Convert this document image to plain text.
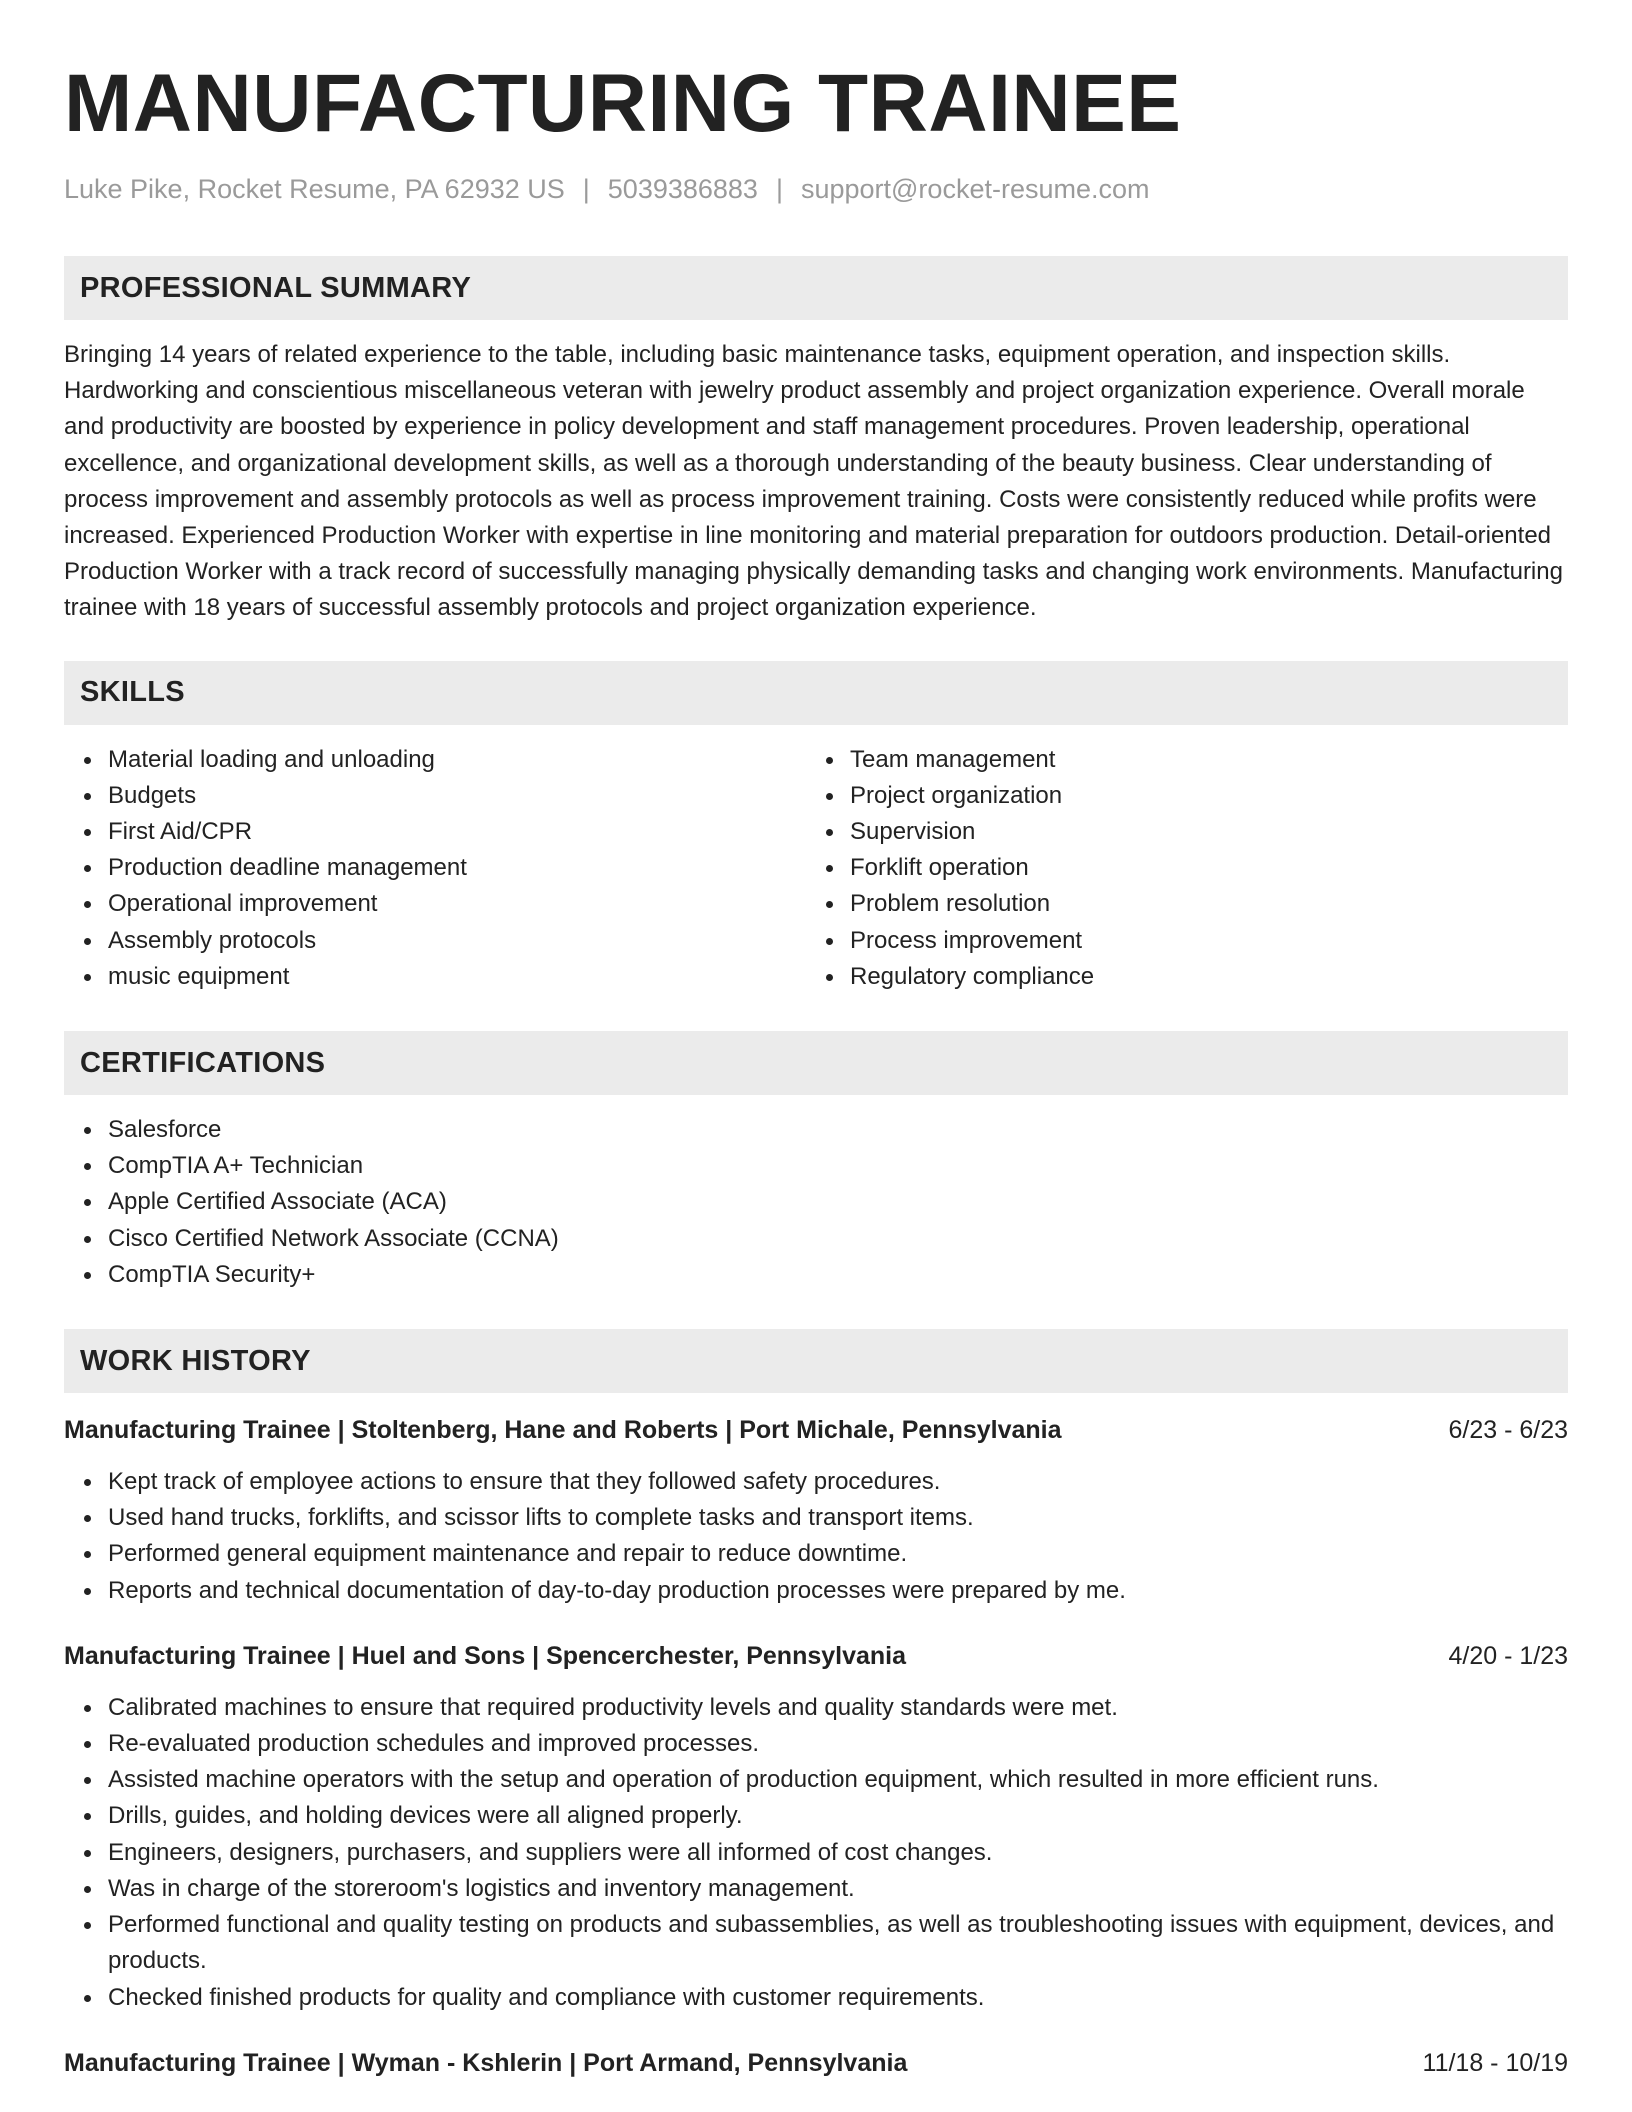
MANUFACTURING TRAINEE
Luke Pike, Rocket Resume, PA 62932 US | 5039386883 | support@rocket-resume.com
PROFESSIONAL SUMMARY
Bringing 14 years of related experience to the table, including basic maintenance tasks, equipment operation, and inspection skills. Hardworking and conscientious miscellaneous veteran with jewelry product assembly and project organization experience. Overall morale and productivity are boosted by experience in policy development and staff management procedures. Proven leadership, operational excellence, and organizational development skills, as well as a thorough understanding of the beauty business. Clear understanding of process improvement and assembly protocols as well as process improvement training. Costs were consistently reduced while profits were increased. Experienced Production Worker with expertise in line monitoring and material preparation for outdoors production. Detail-oriented Production Worker with a track record of successfully managing physically demanding tasks and changing work environments. Manufacturing trainee with 18 years of successful assembly protocols and project organization experience.
SKILLS
Material loading and unloading
Budgets
First Aid/CPR
Production deadline management
Operational improvement
Assembly protocols
music equipment
Team management
Project organization
Supervision
Forklift operation
Problem resolution
Process improvement
Regulatory compliance
CERTIFICATIONS
Salesforce
CompTIA A+ Technician
Apple Certified Associate (ACA)
Cisco Certified Network Associate (CCNA)
CompTIA Security+
WORK HISTORY
Manufacturing Trainee | Stoltenberg, Hane and Roberts | Port Michale, Pennsylvania	6/23 - 6/23
Kept track of employee actions to ensure that they followed safety procedures.
Used hand trucks, forklifts, and scissor lifts to complete tasks and transport items.
Performed general equipment maintenance and repair to reduce downtime.
Reports and technical documentation of day-to-day production processes were prepared by me.
Manufacturing Trainee | Huel and Sons | Spencerchester, Pennsylvania	4/20 - 1/23
Calibrated machines to ensure that required productivity levels and quality standards were met.
Re-evaluated production schedules and improved processes.
Assisted machine operators with the setup and operation of production equipment, which resulted in more efficient runs.
Drills, guides, and holding devices were all aligned properly.
Engineers, designers, purchasers, and suppliers were all informed of cost changes.
Was in charge of the storeroom's logistics and inventory management.
Performed functional and quality testing on products and subassemblies, as well as troubleshooting issues with equipment, devices, and products.
Checked finished products for quality and compliance with customer requirements.
Manufacturing Trainee | Wyman - Kshlerin | Port Armand, Pennsylvania	11/18 - 10/19
